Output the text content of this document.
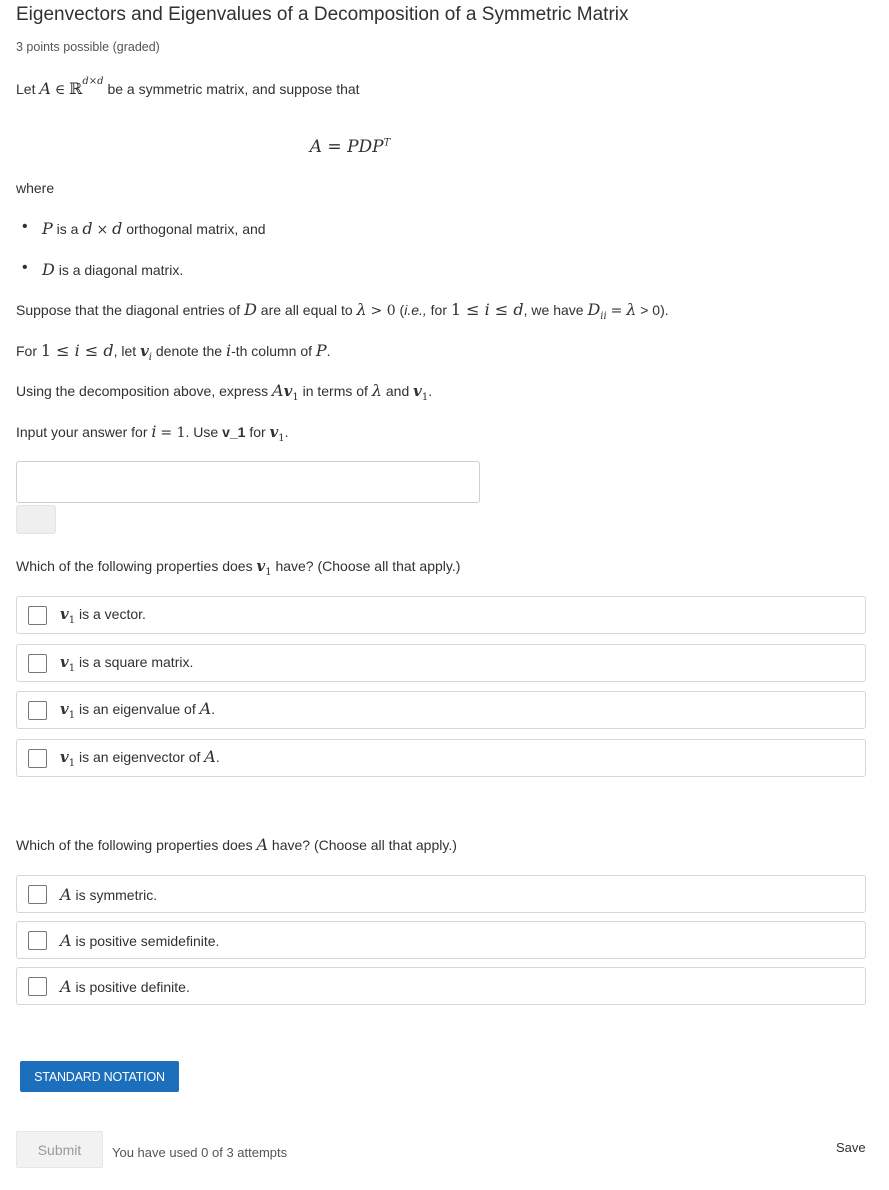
Eigenvectors and Eigenvalues of a Decomposition of a Symmetric Matrix
3 points possible (graded)
Let A ∈ ℝ$^{d\times d}$ be a symmetric matrix, and suppose that
$A = PDP^T$
where
• P is a d × d orthogonal matrix, and
• D is a diagonal matrix.
Suppose that the diagonal entries of D are all equal to λ > 0 (i.e., for 1 ≤ i ≤ d, we have $D_{ii} = \lambda > 0$).
For 1 ≤ i ≤ d, let $v_i$ denote the i-th column of P.
Using the decomposition above, express $Av_1$ in terms of λ and $v_1$.
Input your answer for i = 1. Use v_1 for $v_1$.
Which of the following properties does $v_1$ have? (Choose all that apply.)
$v_1$ is a vector.
$v_1$ is a square matrix.
$v_1$ is an eigenvalue of A.
$v_1$ is an eigenvector of A.
Which of the following properties does A have? (Choose all that apply.)
A is symmetric.
A is positive semidefinite.
A is positive definite.
STANDARD NOTATION
Submit	You have used 0 of 3 attempts	Save
